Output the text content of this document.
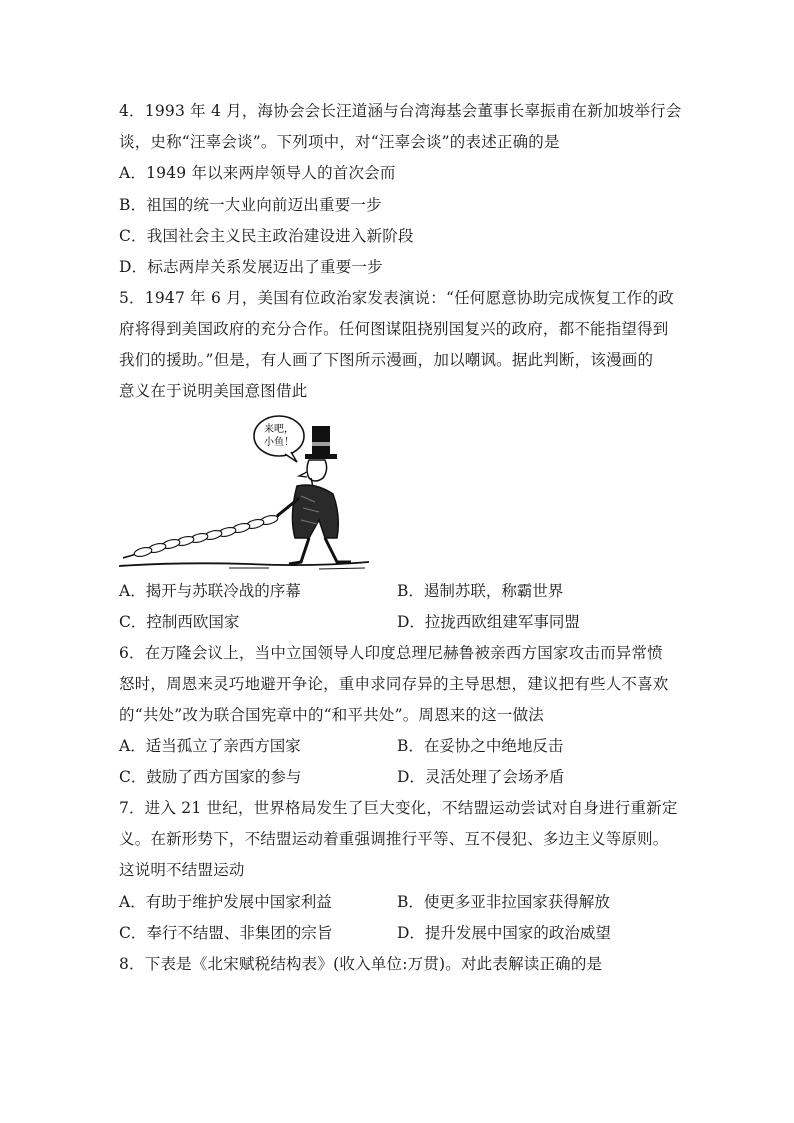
4．1993 年 4 月，海协会会长汪道涵与台湾海基会董事长辜振甫在新加坡举行会
谈，史称“汪辜会谈”。下列项中，对“汪辜会谈”的表述正确的是
A．1949 年以来两岸领导人的首次会而
B．祖国的统一大业向前迈出重要一步
C．我国社会主义民主政治建设进入新阶段
D．标志两岸关系发展迈出了重要一步
5．1947 年 6 月，美国有位政治家发表演说：“任何愿意协助完成恢复工作的政
府将得到美国政府的充分合作。任何图谋阻挠别国复兴的政府，都不能指望得到
我们的援助。”但是，有人画了下图所示漫画，加以嘲讽。据此判断，该漫画的
意义在于说明美国意图借此
来吧，
小鱼！
A．揭开与苏联冷战的序幕	B．遏制苏联，称霸世界
C．控制西欧国家	D．拉拢西欧组建军事同盟
6．在万隆会议上，当中立国领导人印度总理尼赫鲁被亲西方国家攻击而异常愤
怒时，周恩来灵巧地避开争论，重申求同存异的主导思想，建议把有些人不喜欢
的“共处”改为联合国宪章中的“和平共处”。周恩来的这一做法
A．适当孤立了亲西方国家	B．在妥协之中绝地反击
C．鼓励了西方国家的参与	D．灵活处理了会场矛盾
7．进入 21 世纪，世界格局发生了巨大变化，不结盟运动尝试对自身进行重新定
义。在新形势下，不结盟运动着重强调推行平等、互不侵犯、多边主义等原则。
这说明不结盟运动
A．有助于维护发展中国家利益	B．使更多亚非拉国家获得解放
C．奉行不结盟、非集团的宗旨	D．提升发展中国家的政治威望
8．下表是《北宋赋税结构表》(收入单位:万贯)。对此表解读正确的是
